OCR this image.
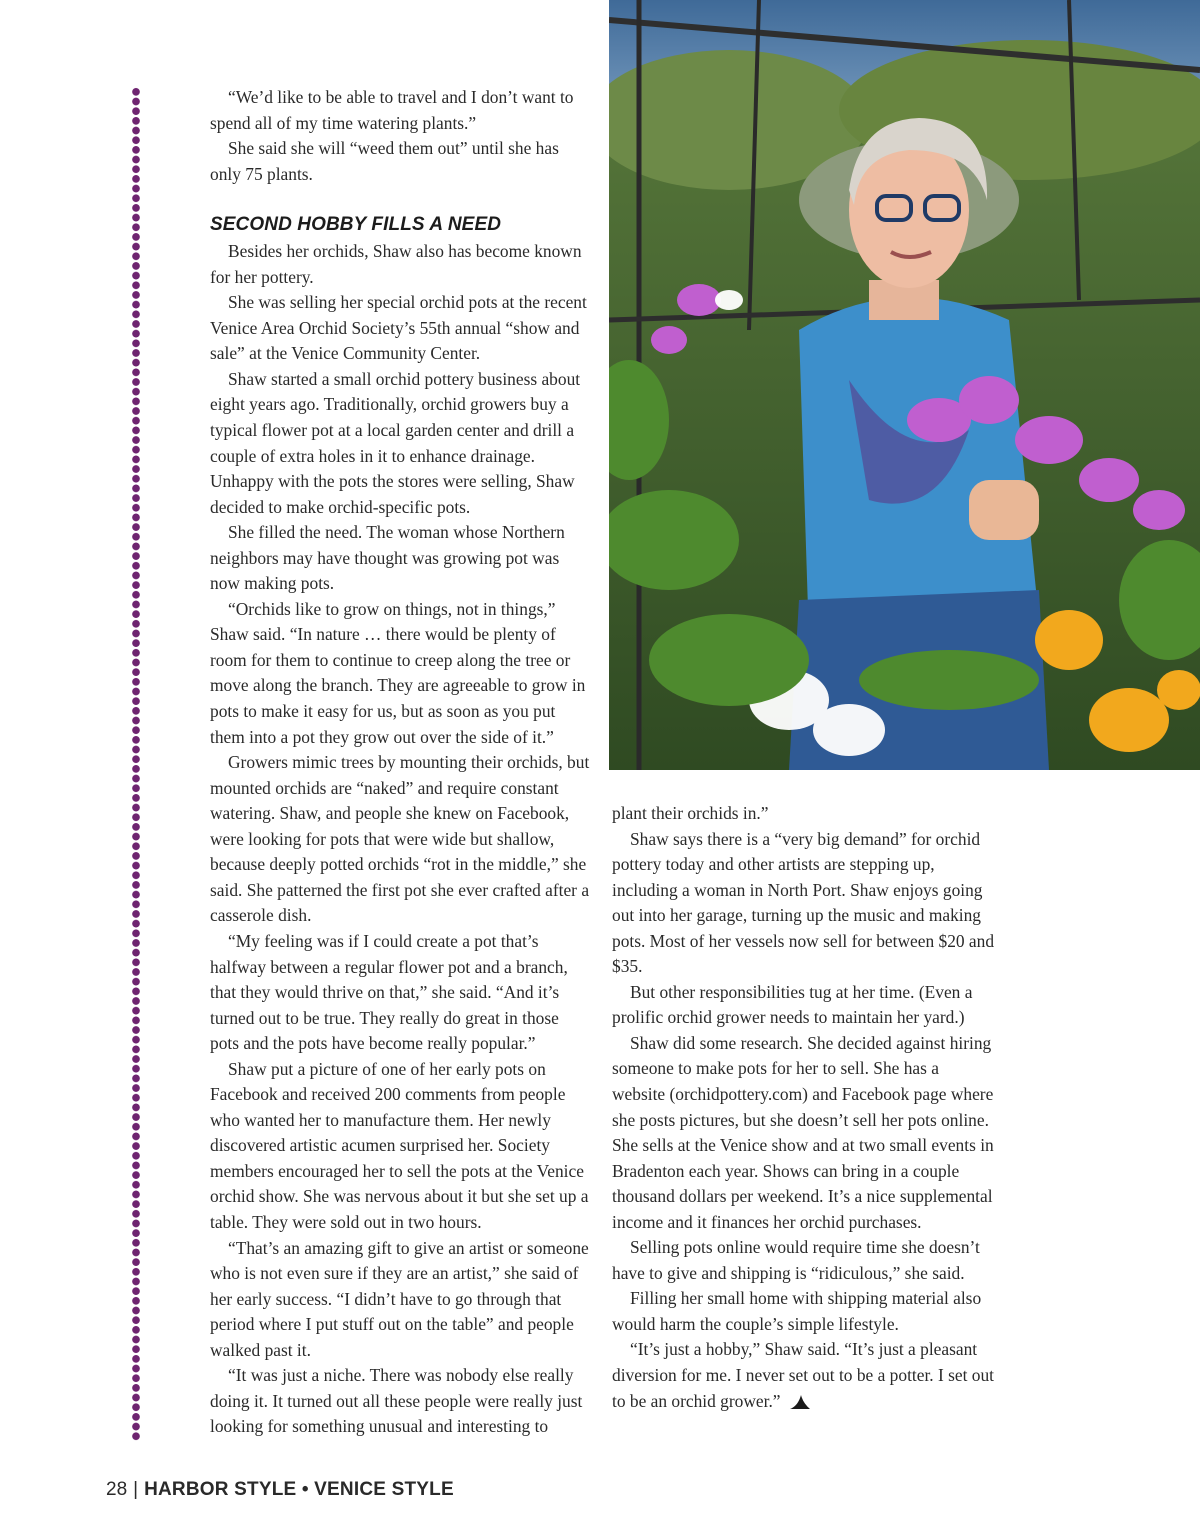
“We’d like to be able to travel and I don’t want to spend all of my time watering plants.”

She said she will “weed them out” until she has only 75 plants.

SECOND HOBBY FILLS A NEED

Besides her orchids, Shaw also has become known for her pottery.

She was selling her special orchid pots at the recent Venice Area Orchid Society’s 55th annual “show and sale” at the Venice Community Center.

Shaw started a small orchid pottery business about eight years ago. Traditionally, orchid growers buy a typical flower pot at a local garden center and drill a couple of extra holes in it to enhance drainage. Unhappy with the pots the stores were selling, Shaw decided to make orchid-specific pots.

She filled the need. The woman whose Northern neighbors may have thought was growing pot was now making pots.

“Orchids like to grow on things, not in things,” Shaw said. “In nature … there would be plenty of room for them to continue to creep along the tree or move along the branch. They are agreeable to grow in pots to make it easy for us, but as soon as you put them into a pot they grow out over the side of it.”

Growers mimic trees by mounting their orchids, but mounted orchids are “naked” and require constant watering. Shaw, and people she knew on Facebook, were looking for pots that were wide but shallow, because deeply potted orchids “rot in the middle,” she said. She patterned the first pot she ever crafted after a casserole dish.

“My feeling was if I could create a pot that’s halfway between a regular flower pot and a branch, that they would thrive on that,” she said. “And it’s turned out to be true. They really do great in those pots and the pots have become really popular.”

Shaw put a picture of one of her early pots on Facebook and received 200 comments from people who wanted her to manufacture them. Her newly discovered artistic acumen surprised her. Society members encouraged her to sell the pots at the Venice orchid show. She was nervous about it but she set up a table. They were sold out in two hours.

“That’s an amazing gift to give an artist or someone who is not even sure if they are an artist,” she said of her early success. “I didn’t have to go through that period where I put stuff out on the table” and people walked past it.

“It was just a niche. There was nobody else really doing it. It turned out all these people were really just looking for something unusual and interesting to

plant their orchids in.”

Shaw says there is a “very big demand” for orchid pottery today and other artists are stepping up, including a woman in North Port. Shaw enjoys going out into her garage, turning up the music and making pots. Most of her vessels now sell for between $20 and $35.

But other responsibilities tug at her time. (Even a prolific orchid grower needs to maintain her yard.)

Shaw did some research. She decided against hiring someone to make pots for her to sell. She has a website (orchidpottery.com) and Facebook page where she posts pictures, but she doesn’t sell her pots online. She sells at the Venice show and at two small events in Bradenton each year. Shows can bring in a couple thousand dollars per weekend. It’s a nice supplemental income and it finances her orchid purchases.

Selling pots online would require time she doesn’t have to give and shipping is “ridiculous,” she said.

Filling her small home with shipping material also would harm the couple’s simple lifestyle.

“It’s just a hobby,” Shaw said. “It’s just a pleasant diversion for me. I never set out to be a potter. I set out to be an orchid grower.”

28 | HARBOR STYLE • VENICE STYLE
